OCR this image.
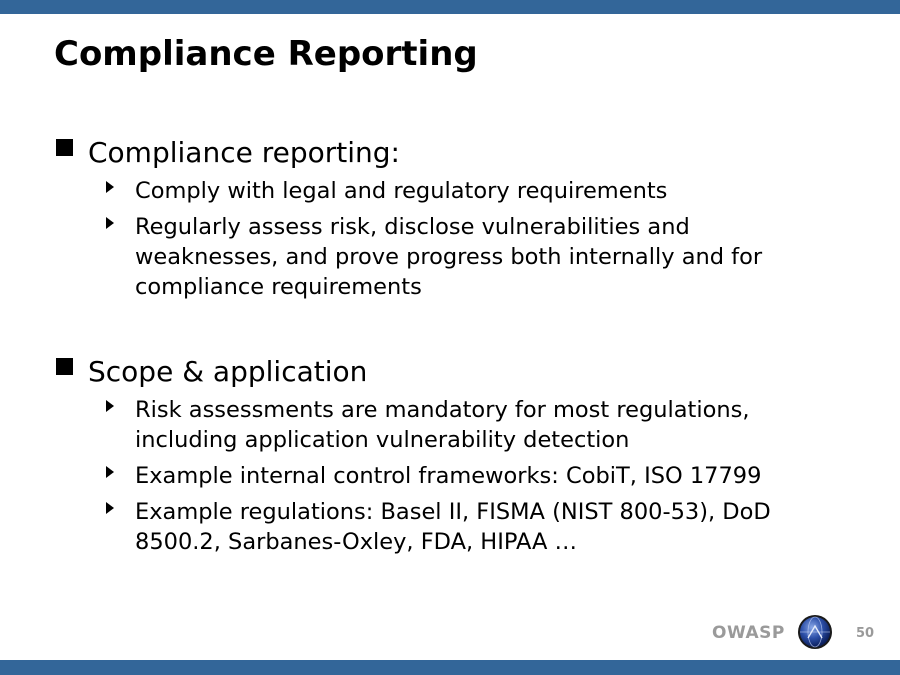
Compliance Reporting
Compliance reporting:
Comply with legal and regulatory requirements
Regularly assess risk, disclose vulnerabilities and weaknesses, and prove progress both internally and for compliance requirements
Scope & application
Risk assessments are mandatory for most regulations, including application vulnerability detection
Example internal control frameworks: CobiT, ISO 17799
Example regulations: Basel II, FISMA (NIST 800-53), DoD 8500.2, Sarbanes-Oxley, FDA, HIPAA …
OWASP	50
